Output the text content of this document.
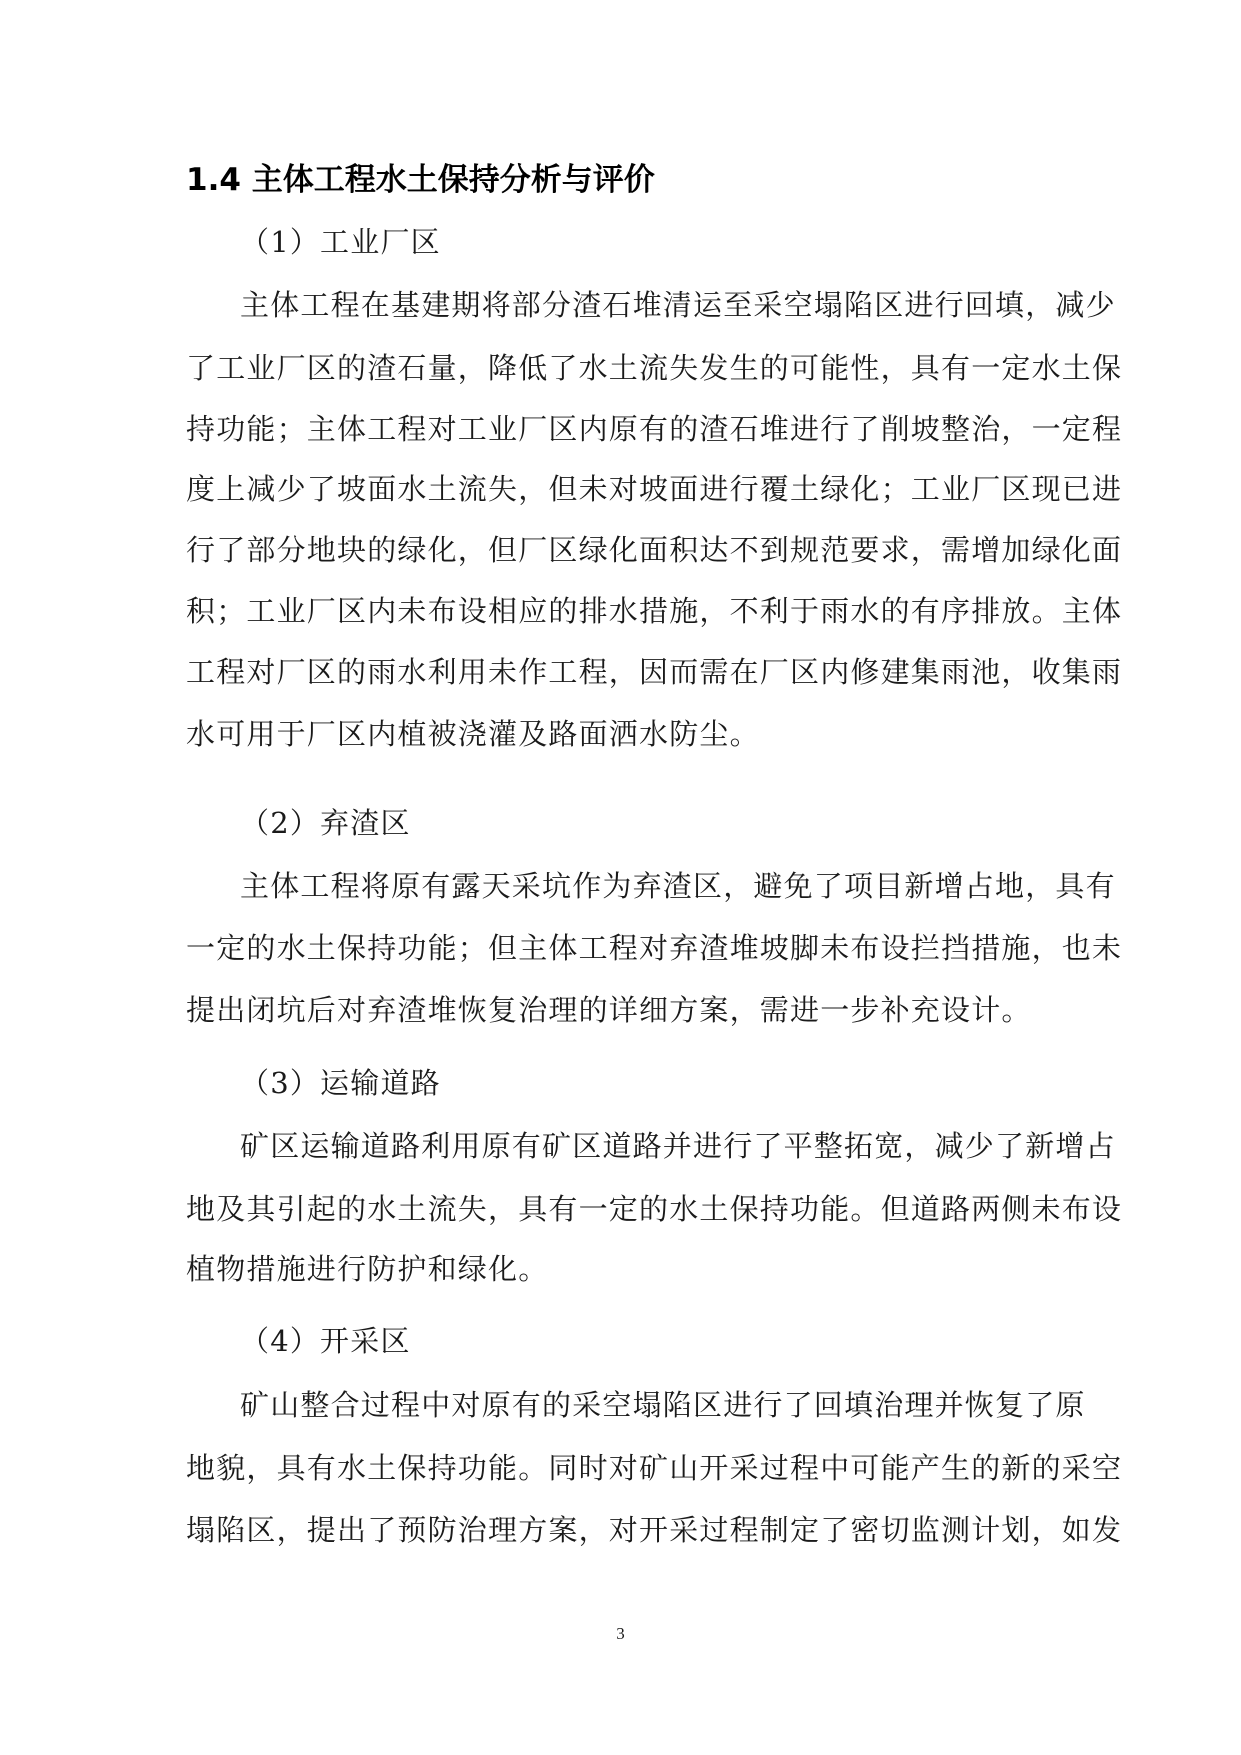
1.4 主体工程水土保持分析与评价

（1）工业厂区

主体工程在基建期将部分渣石堆清运至采空塌陷区进行回填，减少

了工业厂区的渣石量，降低了水土流失发生的可能性，具有一定水土保

持功能；主体工程对工业厂区内原有的渣石堆进行了削坡整治，一定程

度上减少了坡面水土流失，但未对坡面进行覆土绿化；工业厂区现已进

行了部分地块的绿化，但厂区绿化面积达不到规范要求，需增加绿化面

积；工业厂区内未布设相应的排水措施，不利于雨水的有序排放。主体

工程对厂区的雨水利用未作工程，因而需在厂区内修建集雨池，收集雨

水可用于厂区内植被浇灌及路面洒水防尘。

（2）弃渣区

主体工程将原有露天采坑作为弃渣区，避免了项目新增占地，具有

一定的水土保持功能；但主体工程对弃渣堆坡脚未布设拦挡措施，也未

提出闭坑后对弃渣堆恢复治理的详细方案，需进一步补充设计。

（3）运输道路

矿区运输道路利用原有矿区道路并进行了平整拓宽，减少了新增占

地及其引起的水土流失，具有一定的水土保持功能。但道路两侧未布设

植物措施进行防护和绿化。

（4）开采区

矿山整合过程中对原有的采空塌陷区进行了回填治理并恢复了原

地貌，具有水土保持功能。同时对矿山开采过程中可能产生的新的采空

塌陷区，提出了预防治理方案，对开采过程制定了密切监测计划，如发

3
